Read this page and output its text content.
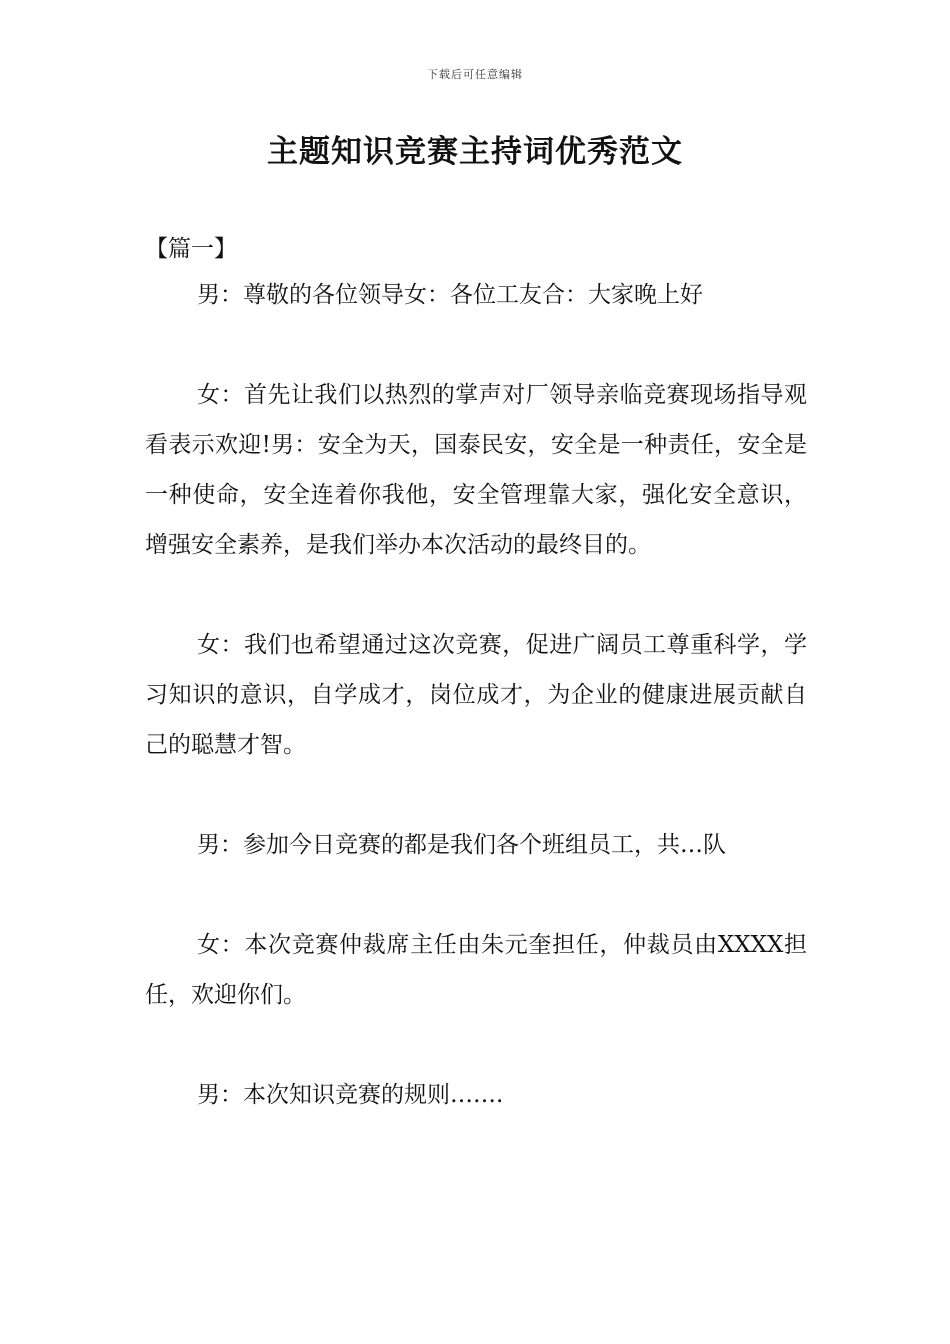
下载后可任意编辑
主题知识竞赛主持词优秀范文

【篇一】

男：尊敬的各位领导女：各位工友合：大家晚上好

女：首先让我们以热烈的掌声对厂领导亲临竞赛现场指导观看表示欢迎!男：安全为天，国泰民安，安全是一种责任，安全是一种使命，安全连着你我他，安全管理靠大家，强化安全意识，增强安全素养，是我们举办本次活动的最终目的。

女：我们也希望通过这次竞赛，促进广阔员工尊重科学，学习知识的意识，自学成才，岗位成才，为企业的健康进展贡献自己的聪慧才智。

男：参加今日竞赛的都是我们各个班组员工，共…队

女：本次竞赛仲裁席主任由朱元奎担任，仲裁员由XXXX担任，欢迎你们。

男：本次知识竞赛的规则…….
